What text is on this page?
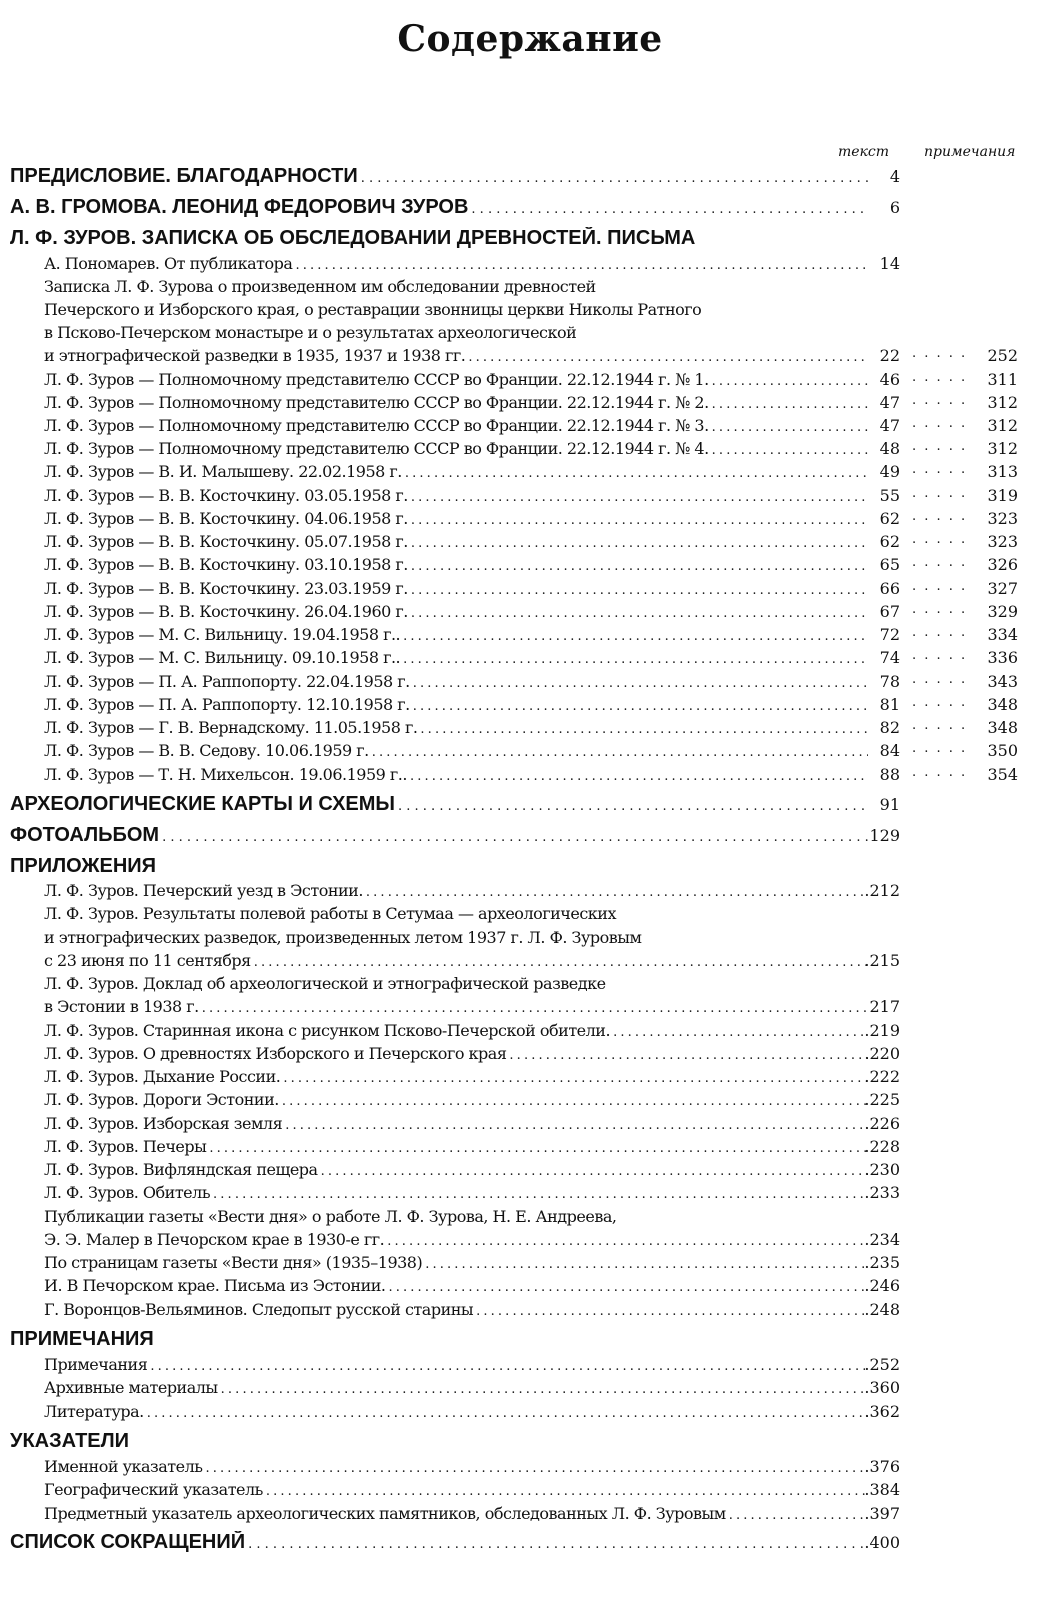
Содержание
текст примечания
ПРЕДИСЛОВИЕ. БЛАГОДАРНОСТИ . . .	4
А. В. ГРОМОВА. ЛЕОНИД ФЕДОРОВИЧ ЗУРОВ . . .	6
Л. Ф. ЗУРОВ. ЗАПИСКА ОБ ОБСЛЕДОВАНИИ ДРЕВНОСТЕЙ. ПИСЬМА
А. Пономарев. От публикатора . . .	14
Записка Л. Ф. Зурова о произведенном им обследовании древностей
Печерского и Изборского края, о реставрации звонницы церкви Николы Ратного
в Псково-Печерском монастыре и о результатах археологической
и этнографической разведки в 1935, 1937 и 1938 гг. . . .	22 . . . . .	252
Л. Ф. Зуров — Полномочному представителю СССР во Франции. 22.12.1944 г. № 1. . . .	46 . . . . .	311
Л. Ф. Зуров — Полномочному представителю СССР во Франции. 22.12.1944 г. № 2. . . .	47 . . . . .	312
Л. Ф. Зуров — Полномочному представителю СССР во Франции. 22.12.1944 г. № 3. . . .	47 . . . . .	312
Л. Ф. Зуров — Полномочному представителю СССР во Франции. 22.12.1944 г. № 4. . . .	48 . . . . .	312
Л. Ф. Зуров — В. И. Малышеву. 22.02.1958 г. . . .	49 . . . . .	313
Л. Ф. Зуров — В. В. Косточкину. 03.05.1958 г. . . .	55 . . . . .	319
Л. Ф. Зуров — В. В. Косточкину. 04.06.1958 г. . . .	62 . . . . .	323
Л. Ф. Зуров — В. В. Косточкину. 05.07.1958 г. . . .	62 . . . . .	323
Л. Ф. Зуров — В. В. Косточкину. 03.10.1958 г. . . .	65 . . . . .	326
Л. Ф. Зуров — В. В. Косточкину. 23.03.1959 г. . . .	66 . . . . .	327
Л. Ф. Зуров — В. В. Косточкину. 26.04.1960 г. . . .	67 . . . . .	329
Л. Ф. Зуров — М. С. Вильницу. 19.04.1958 г.. . . .	72 . . . . .	334
Л. Ф. Зуров — М. С. Вильницу. 09.10.1958 г.. . . .	74 . . . . .	336
Л. Ф. Зуров — П. А. Раппопорту. 22.04.1958 г. . . .	78 . . . . .	343
Л. Ф. Зуров — П. А. Раппопорту. 12.10.1958 г. . . .	81 . . . . .	348
Л. Ф. Зуров — Г. В. Вернадскому. 11.05.1958 г. . . .	82 . . . . .	348
Л. Ф. Зуров — В. В. Седову. 10.06.1959 г. . . .	84 . . . . .	350
Л. Ф. Зуров — Т. Н. Михельсон. 19.06.1959 г.. . . .	88 . . . . .	354
АРХЕОЛОГИЧЕСКИЕ КАРТЫ И СХЕМЫ . . .	91
ФОТОАЛЬБОМ . . .	129
ПРИЛОЖЕНИЯ
Л. Ф. Зуров. Печерский уезд в Эстонии. . . .	.212
Л. Ф. Зуров. Результаты полевой работы в Сетумаа — археологических
и этнографических разведок, произведенных летом 1937 г. Л. Ф. Зуровым
с 23 июня по 11 сентября . . .	.215
Л. Ф. Зуров. Доклад об археологической и этнографической разведке
в Эстонии в 1938 г. . . .	217
Л. Ф. Зуров. Старинная икона с рисунком Псково-Печерской обители. . . .	.219
Л. Ф. Зуров. О древностях Изборского и Печерского края . . .	.220
Л. Ф. Зуров. Дыхание России. . . .	.222
Л. Ф. Зуров. Дороги Эстонии. . . .	.225
Л. Ф. Зуров. Изборская земля . . .	.226
Л. Ф. Зуров. Печеры . . .	.228
Л. Ф. Зуров. Вифляндская пещера . . .	.230
Л. Ф. Зуров. Обитель . . .	.233
Публикации газеты «Вести дня» о работе Л. Ф. Зурова, Н. Е. Андреева,
Э. Э. Малер в Печорском крае в 1930-е гг. . . .	.234
По страницам газеты «Вести дня» (1935–1938) . . .	.235
И. В Печорском крае. Письма из Эстонии. . . .	.246
Г. Воронцов-Вельяминов. Следопыт русской старины . . .	.248
ПРИМЕЧАНИЯ
Примечания . . .	.252
Архивные материалы . . .	.360
Литература. . . .	.362
УКАЗАТЕЛИ
Именной указатель . . .	.376
Географический указатель . . .	.384
Предметный указатель археологических памятников, обследованных Л. Ф. Зуровым . . .	.397
СПИСОК СОКРАЩЕНИЙ . . .	.400
